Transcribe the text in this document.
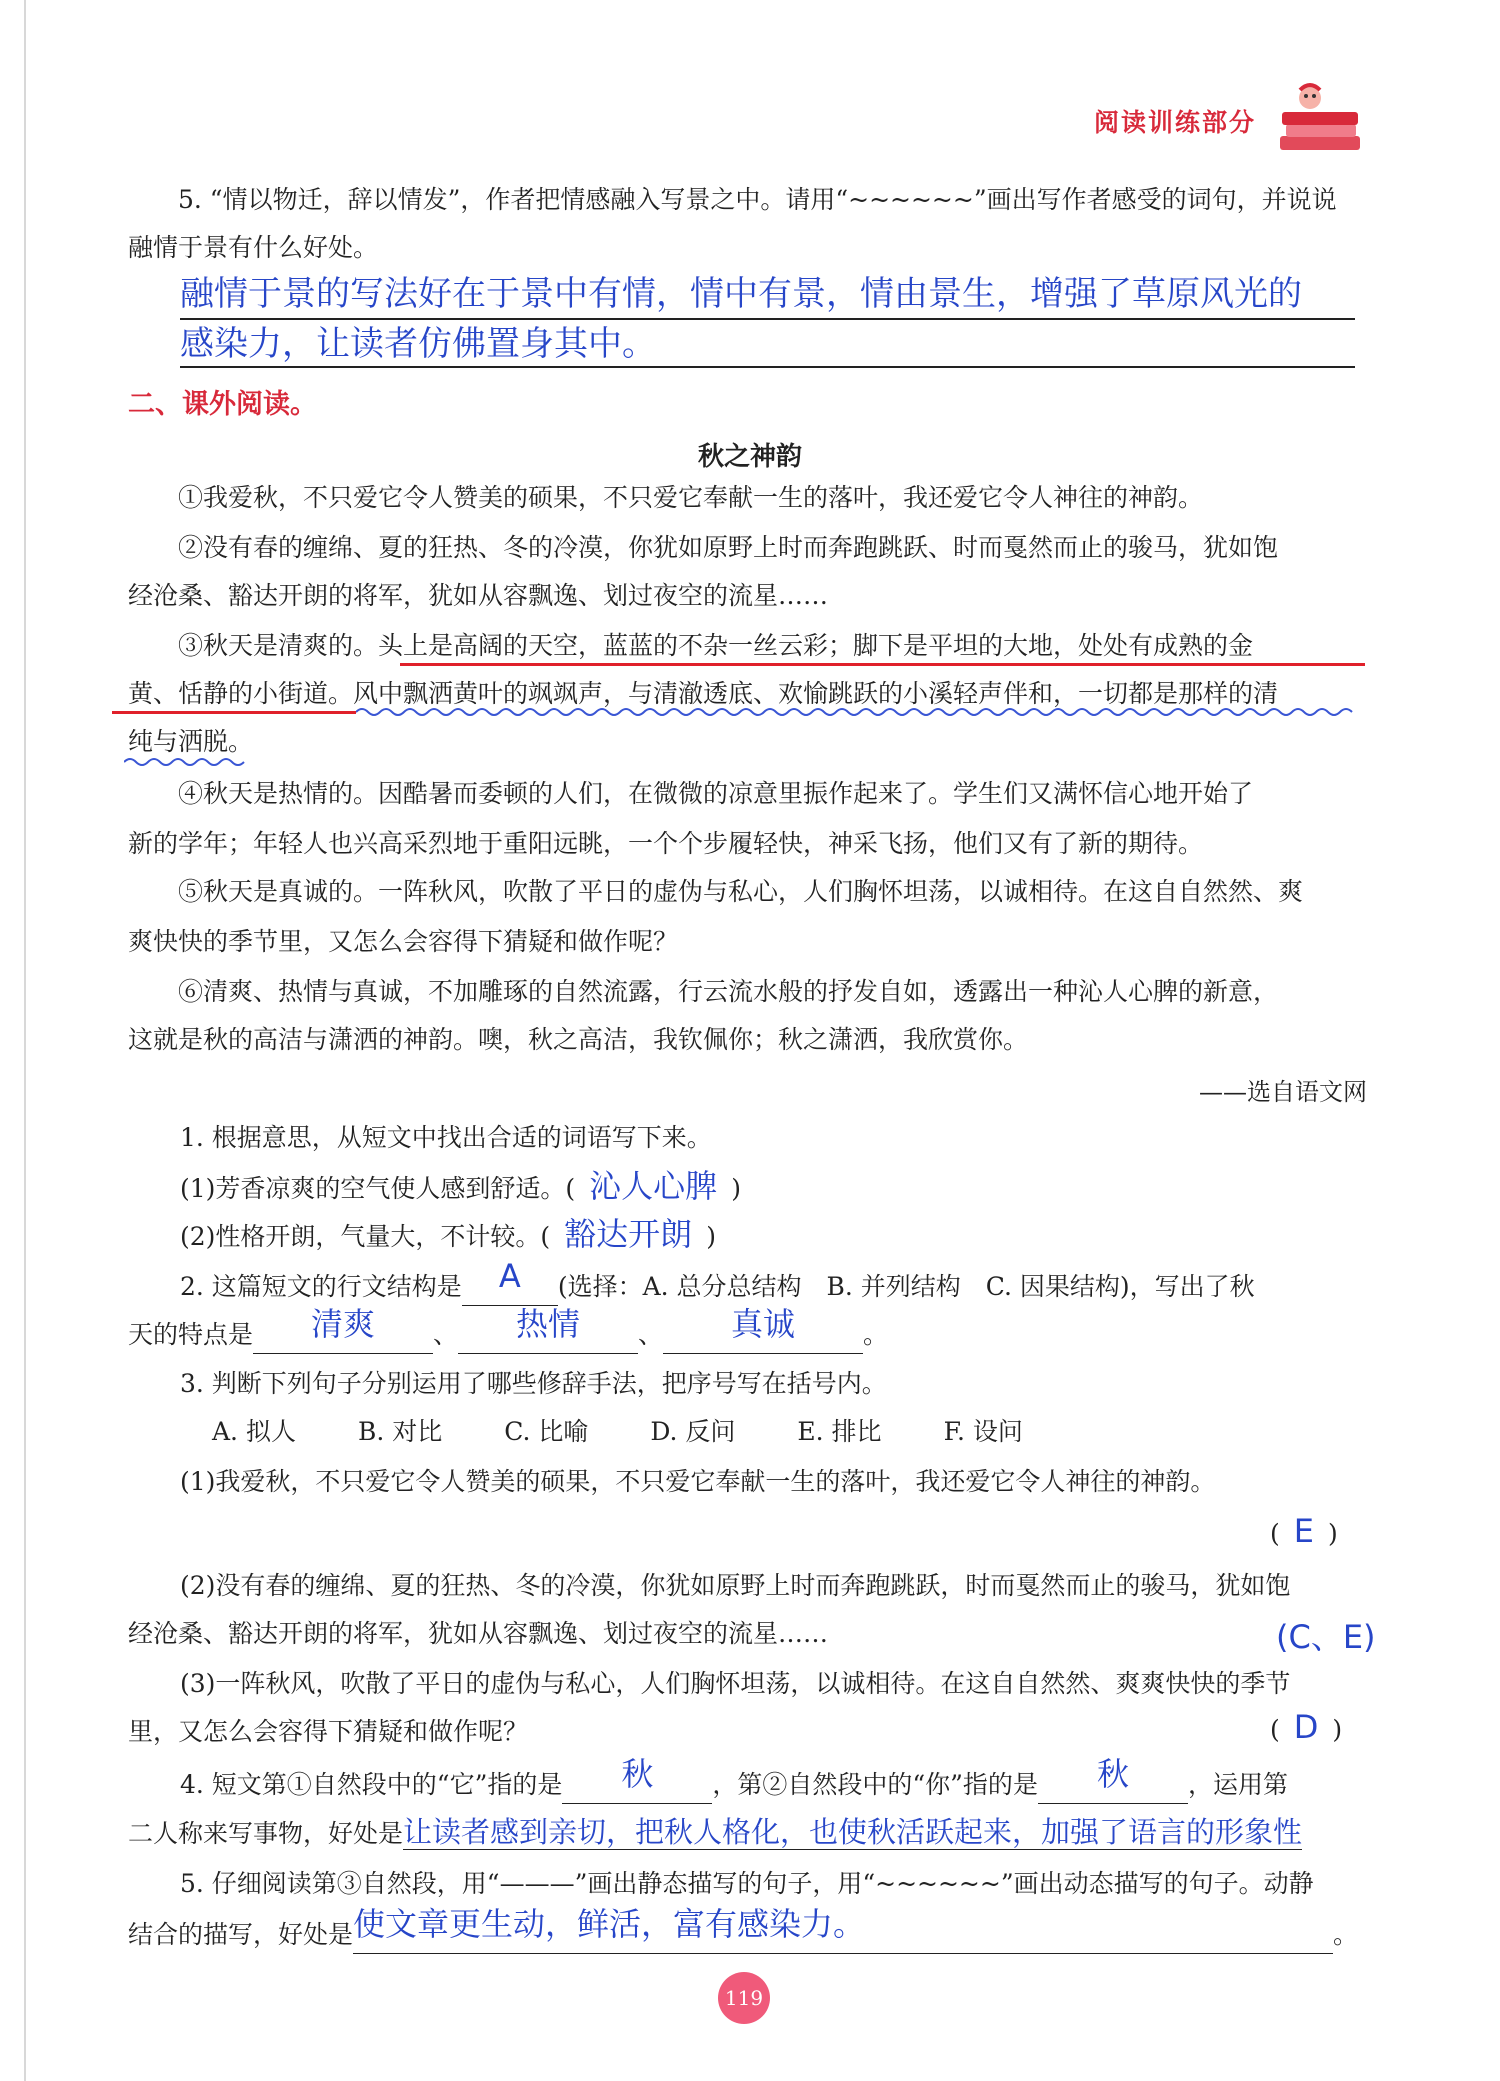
阅读训练部分
5. “情以物迁，辞以情发”，作者把情感融入写景之中。请用“~~~~~~”画出写作者感受的词句，并说说
融情于景有什么好处。
融情于景的写法好在于景中有情，情中有景，情由景生，增强了草原风光的
感染力，让读者仿佛置身其中。
二、课外阅读。
秋之神韵
①我爱秋，不只爱它令人赞美的硕果，不只爱它奉献一生的落叶，我还爱它令人神往的神韵。
②没有春的缠绵、夏的狂热、冬的冷漠，你犹如原野上时而奔跑跳跃、时而戛然而止的骏马，犹如饱
经沧桑、豁达开朗的将军，犹如从容飘逸、划过夜空的流星……
③秋天是清爽的。头上是高阔的天空，蓝蓝的不杂一丝云彩；脚下是平坦的大地，处处有成熟的金
黄、恬静的小街道。风中飘洒黄叶的飒飒声，与清澈透底、欢愉跳跃的小溪轻声伴和，一切都是那样的清
纯与洒脱。
④秋天是热情的。因酷暑而委顿的人们，在微微的凉意里振作起来了。学生们又满怀信心地开始了
新的学年；年轻人也兴高采烈地于重阳远眺，一个个步履轻快，神采飞扬，他们又有了新的期待。
⑤秋天是真诚的。一阵秋风，吹散了平日的虚伪与私心，人们胸怀坦荡，以诚相待。在这自自然然、爽
爽快快的季节里，又怎么会容得下猜疑和做作呢？
⑥清爽、热情与真诚，不加雕琢的自然流露，行云流水般的抒发自如，透露出一种沁人心脾的新意，
这就是秋的高洁与潇洒的神韵。噢，秋之高洁，我钦佩你；秋之潇洒，我欣赏你。
——选自语文网
1. 根据意思，从短文中找出合适的词语写下来。
(1)芳香凉爽的空气使人感到舒适。( 沁人心脾 )
(2)性格开朗，气量大，不计较。( 豁达开朗 )
2. 这篇短文的行文结构是 A (选择：A. 总分总结构　B. 并列结构　C. 因果结构)，写出了秋
天的特点是 清爽 、 热情 、 真诚	。
3. 判断下列句子分别运用了哪些修辞手法，把序号写在括号内。
A. 拟人 B. 对比 C. 比喻 D. 反问 E. 排比 F. 设问
(1)我爱秋，不只爱它令人赞美的硕果，不只爱它奉献一生的落叶，我还爱它令人神往的神韵。
( E )
(2)没有春的缠绵、夏的狂热、冬的冷漠，你犹如原野上时而奔跑跳跃，时而戛然而止的骏马，犹如饱
经沧桑、豁达开朗的将军，犹如从容飘逸、划过夜空的流星……	(C、E)
(3)一阵秋风，吹散了平日的虚伪与私心，人们胸怀坦荡，以诚相待。在这自自然然、爽爽快快的季节
里，又怎么会容得下猜疑和做作呢？	( D )
4. 短文第①自然段中的“它”指的是 秋 ，第②自然段中的“你”指的是 秋 ，运用第
二人称来写事物，好处是让读者感到亲切，把秋人格化，也使秋活跃起来，加强了语言的形象性
5. 仔细阅读第③自然段，用“———”画出静态描写的句子，用“~~~~~~”画出动态描写的句子。动静
结合的描写，好处是使文章更生动，鲜活，富有感染力。	。
119
